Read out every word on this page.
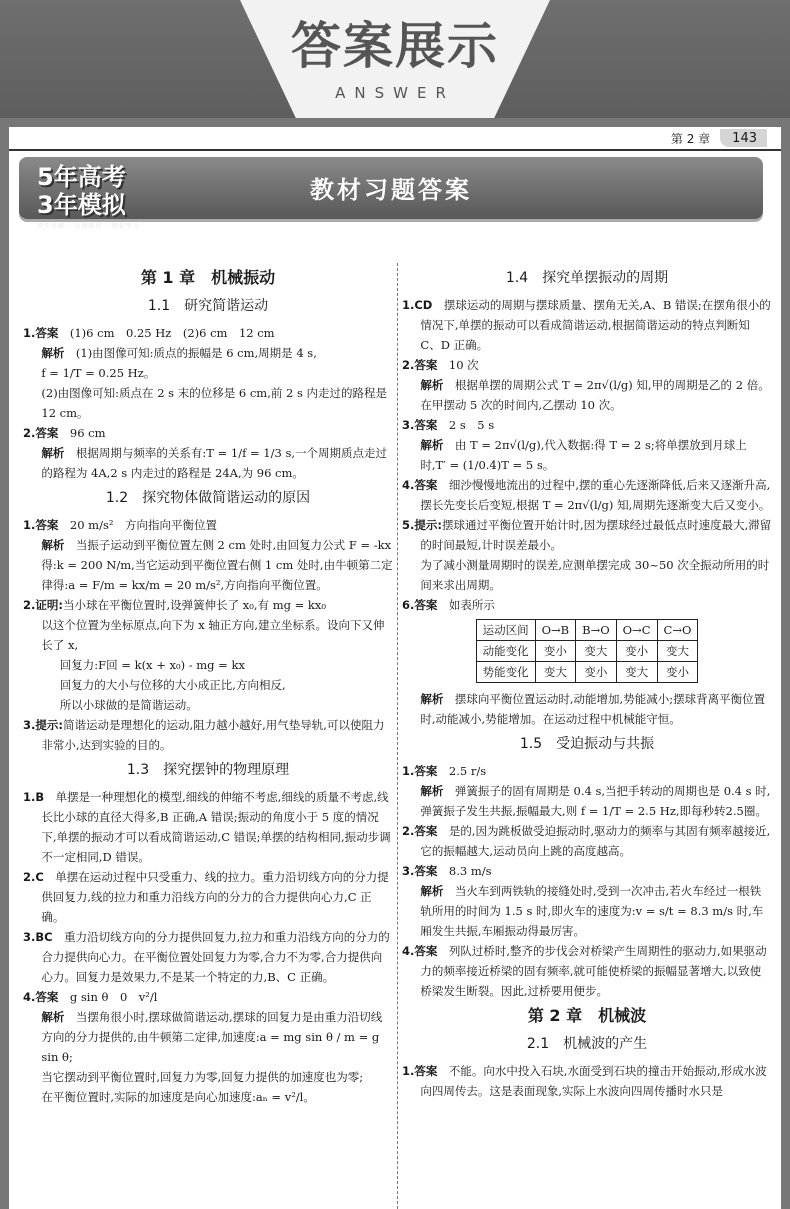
答案展示
ANSWER
第 2 章	143
教材习题答案
5年高考
3年模拟
同步讲解 · 全程陪伴 · 轻松学习
第 1 章　机械振动
1.1　研究简谐运动
1.答案　(1)6 cm　0.25 Hz　(2)6 cm　12 cm
解析　(1)由图像可知:质点的振幅是 6 cm,周期是 4 s,
f = 1/T = 0.25 Hz。
(2)由图像可知:质点在 2 s 末的位移是 6 cm,前 2 s 内走过的路程是 12 cm。
2.答案　96 cm
解析　根据周期与频率的关系有:T = 1/f = 1/3 s,一个周期质点走过的路程为 4A,2 s 内走过的路程是 24A,为 96 cm。
1.2　探究物体做简谐运动的原因
1.答案　20 m/s²　方向指向平衡位置
解析　当振子运动到平衡位置左侧 2 cm 处时,由回复力公式 F = -kx 得:k = 200 N/m,当它运动到平衡位置右侧 1 cm 处时,由牛顿第二定律得:a = F/m = kx/m = 20 m/s²,方向指向平衡位置。
2.证明:当小球在平衡位置时,设弹簧伸长了 x₀,有 mg = kx₀
以这个位置为坐标原点,向下为 x 轴正方向,建立坐标系。设向下又伸长了 x,
回复力:F回 = k(x + x₀) - mg = kx
回复力的大小与位移的大小成正比,方向相反,
所以小球做的是简谐运动。
3.提示:简谐运动是理想化的运动,阻力越小越好,用气垫导轨,可以使阻力非常小,达到实验的目的。
1.3　探究摆钟的物理原理
1.B　单摆是一种理想化的模型,细线的伸缩不考虑,细线的质量不考虑,线长比小球的直径大得多,B 正确,A 错误;振动的角度小于 5 度的情况下,单摆的振动才可以看成简谐运动,C 错误;单摆的结构相同,振动步调不一定相同,D 错误。
2.C　单摆在运动过程中只受重力、线的拉力。重力沿切线方向的分力提供回复力,线的拉力和重力沿线方向的分力的合力提供向心力,C 正确。
3.BC　重力沿切线方向的分力提供回复力,拉力和重力沿线方向的分力的合力提供向心力。在平衡位置处回复力为零,合力不为零,合力提供向心力。回复力是效果力,不是某一个特定的力,B、C 正确。
4.答案　g sin θ　0　v²/l
解析　当摆角很小时,摆球做简谐运动,摆球的回复力是由重力沿切线方向的分力提供的,由牛顿第二定律,加速度:a = mg sin θ / m = g sin θ;
当它摆动到平衡位置时,回复力为零,回复力提供的加速度也为零;
在平衡位置时,实际的加速度是向心加速度:aₙ = v²/l。
1.4　探究单摆振动的周期
1.CD　摆球运动的周期与摆球质量、摆角无关,A、B 错误;在摆角很小的情况下,单摆的振动可以看成简谐运动,根据简谐运动的特点判断知 C、D 正确。
2.答案　10 次
解析　根据单摆的周期公式 T = 2π√(l/g) 知,甲的周期是乙的 2 倍。在甲摆动 5 次的时间内,乙摆动 10 次。
3.答案　2 s　5 s
解析　由 T = 2π√(l/g),代入数据:得 T = 2 s;将单摆放到月球上时,T′ = (1/0.4)T = 5 s。
4.答案　细沙慢慢地流出的过程中,摆的重心先逐渐降低,后来又逐渐升高,摆长先变长后变短,根据 T = 2π√(l/g) 知,周期先逐渐变大后又变小。
5.提示:摆球通过平衡位置开始计时,因为摆球经过最低点时速度最大,滞留的时间最短,计时误差最小。
为了减小测量周期时的误差,应测单摆完成 30~50 次全振动所用的时间来求出周期。
6.答案　如表所示
运动区间	O→B	B→O	O→C	C→O
动能变化	变小	变大	变小	变大
势能变化	变大	变小	变大	变小
解析　摆球向平衡位置运动时,动能增加,势能减小;摆球背离平衡位置时,动能减小,势能增加。在运动过程中机械能守恒。
1.5　受迫振动与共振
1.答案　2.5 r/s
解析　弹簧振子的固有周期是 0.4 s,当把手转动的周期也是 0.4 s 时,弹簧振子发生共振,振幅最大,则 f = 1/T = 2.5 Hz,即每秒转2.5圈。
2.答案　是的,因为跳板做受迫振动时,驱动力的频率与其固有频率越接近,它的振幅越大,运动员向上跳的高度越高。
3.答案　8.3 m/s
解析　当火车到两铁轨的接缝处时,受到一次冲击,若火车经过一根铁轨所用的时间为 1.5 s 时,即火车的速度为:v = s/t = 8.3 m/s 时,车厢发生共振,车厢振动得最厉害。
4.答案　列队过桥时,整齐的步伐会对桥梁产生周期性的驱动力,如果驱动力的频率接近桥梁的固有频率,就可能使桥梁的振幅显著增大,以致使桥梁发生断裂。因此,过桥要用便步。
第 2 章　机械波
2.1　机械波的产生
1.答案　不能。向水中投入石块,水面受到石块的撞击开始振动,形成水波向四周传去。这是表面现象,实际上水波向四周传播时水只是
